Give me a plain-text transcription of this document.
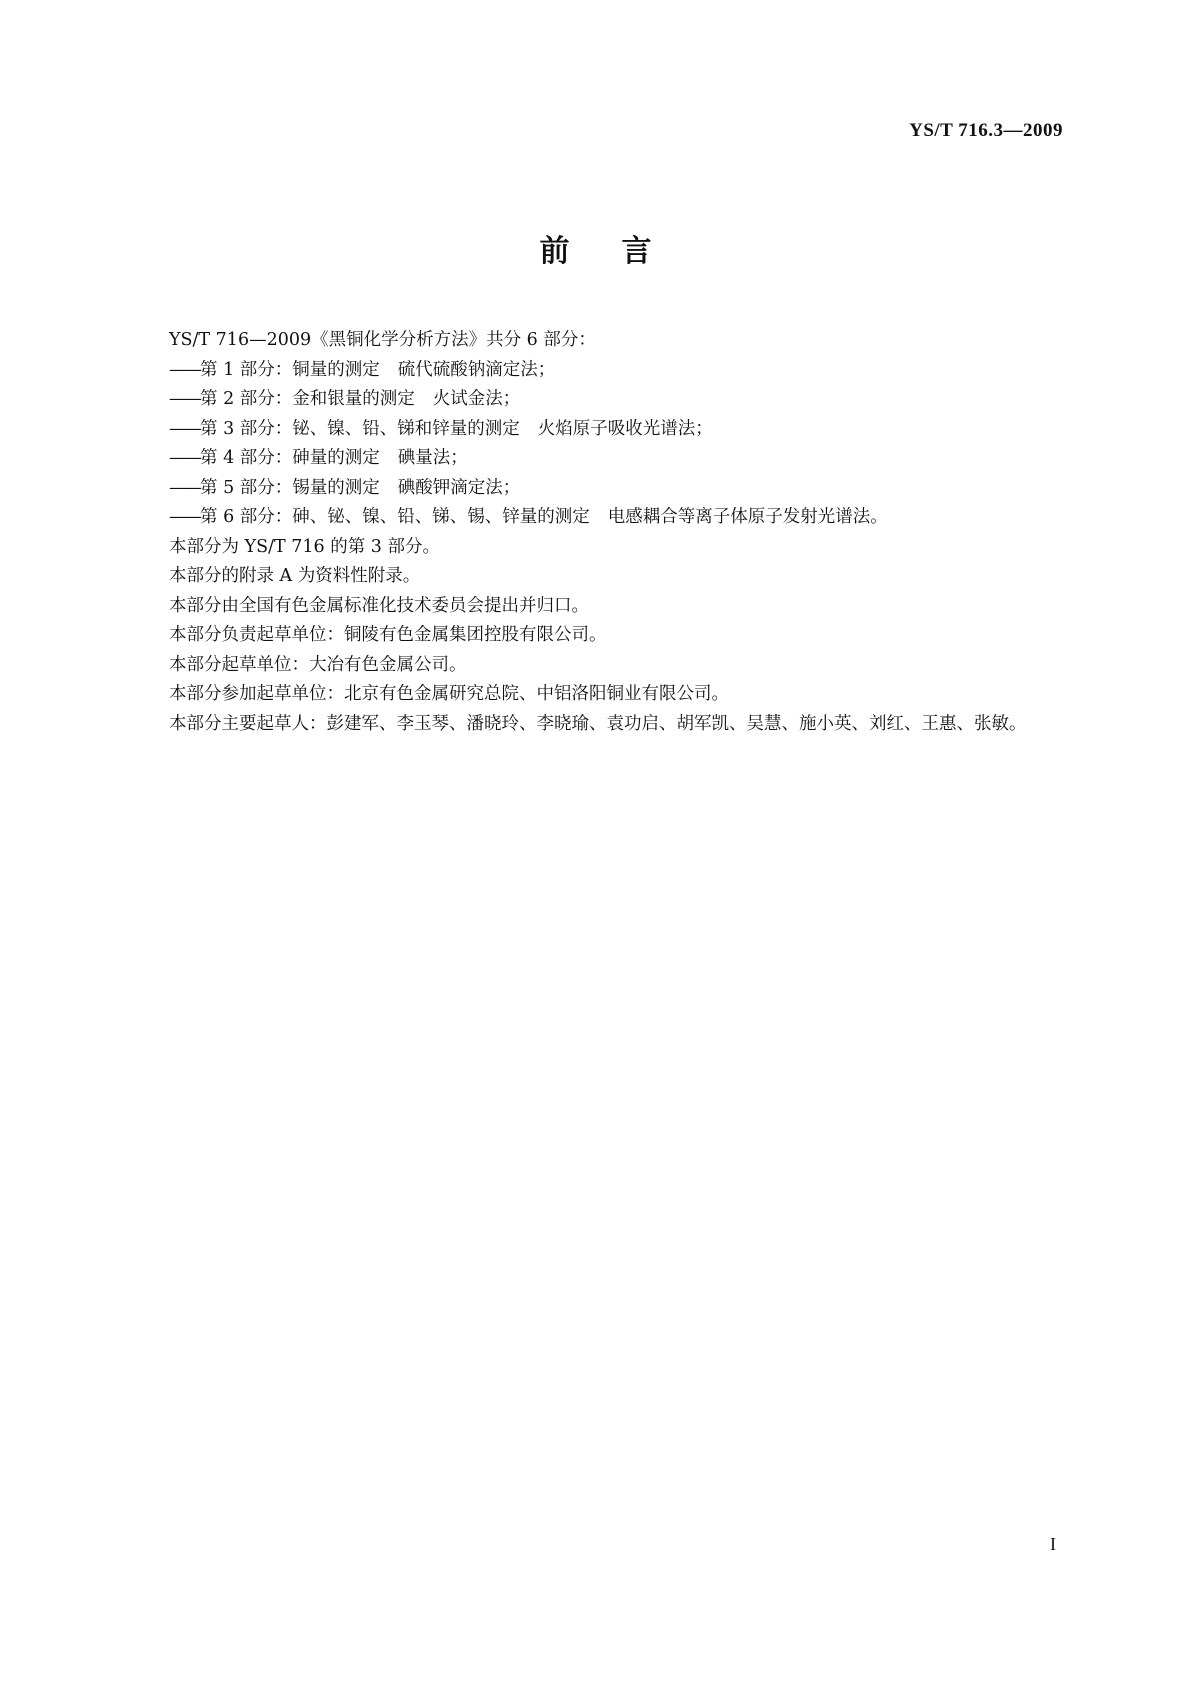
YS/T 716.3—2009
前言

YS/T 716—2009《黑铜化学分析方法》共分 6 部分：

——第 1 部分：铜量的测定 硫代硫酸钠滴定法；

——第 2 部分：金和银量的测定 火试金法；

——第 3 部分：铋、镍、铅、锑和锌量的测定 火焰原子吸收光谱法；

——第 4 部分：砷量的测定 碘量法；

——第 5 部分：锡量的测定 碘酸钾滴定法；

——第 6 部分：砷、铋、镍、铅、锑、锡、锌量的测定 电感耦合等离子体原子发射光谱法。

本部分为 YS/T 716 的第 3 部分。

本部分的附录 A 为资料性附录。

本部分由全国有色金属标准化技术委员会提出并归口。

本部分负责起草单位：铜陵有色金属集团控股有限公司。

本部分起草单位：大冶有色金属公司。

本部分参加起草单位：北京有色金属研究总院、中铝洛阳铜业有限公司。

本部分主要起草人：彭建军、李玉琴、潘晓玲、李晓瑜、袁功启、胡军凯、吴慧、施小英、刘红、王惠、张敏。

I
